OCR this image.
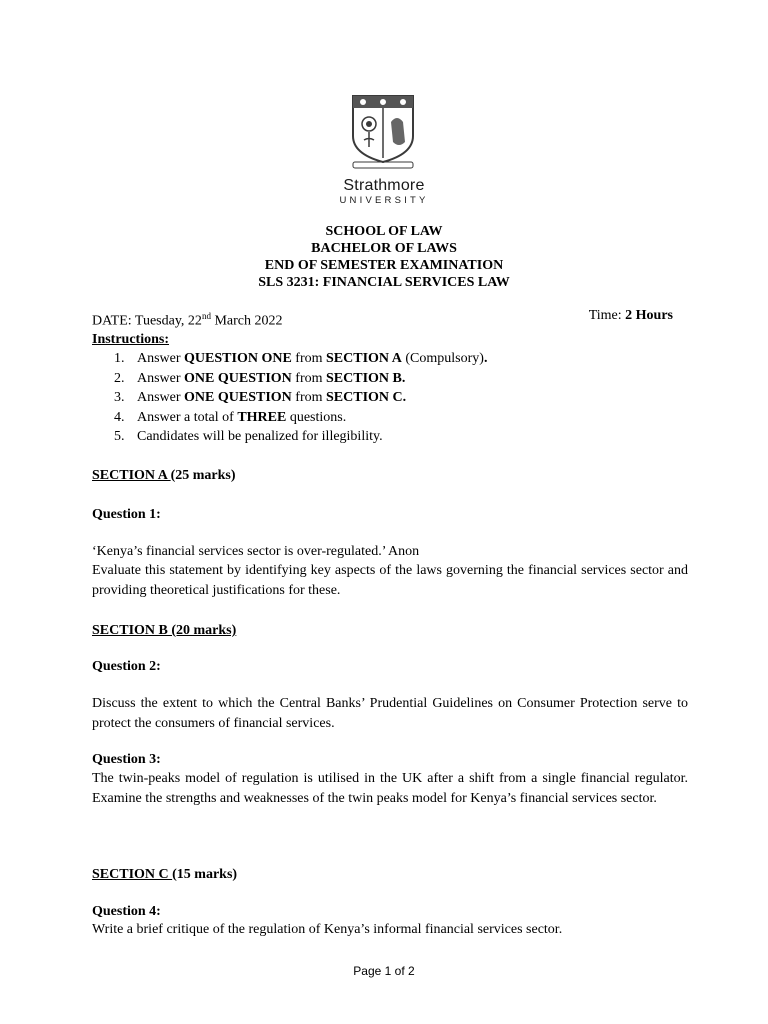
Strathmore
UNIVERSITY
SCHOOL OF LAW
BACHELOR OF LAWS
END OF SEMESTER EXAMINATION
SLS 3231: FINANCIAL SERVICES LAW
DATE: Tuesday, 22nd March 2022	Time: 2 Hours
Instructions:
1. Answer QUESTION ONE from SECTION A (Compulsory).
2. Answer ONE QUESTION from SECTION B.
3. Answer ONE QUESTION from SECTION C.
4. Answer a total of THREE questions.
5. Candidates will be penalized for illegibility.
SECTION A (25 marks)
Question 1:
‘Kenya’s financial services sector is over-regulated.’ Anon
Evaluate this statement by identifying key aspects of the laws governing the financial services sector and providing theoretical justifications for these.
SECTION B (20 marks)
Question 2:
Discuss the extent to which the Central Banks’ Prudential Guidelines on Consumer Protection serve to protect the consumers of financial services.
Question 3:
The twin-peaks model of regulation is utilised in the UK after a shift from a single financial regulator. Examine the strengths and weaknesses of the twin peaks model for Kenya’s financial services sector.
SECTION C (15 marks)
Question 4:
Write a brief critique of the regulation of Kenya’s informal financial services sector.
Page 1 of 2
